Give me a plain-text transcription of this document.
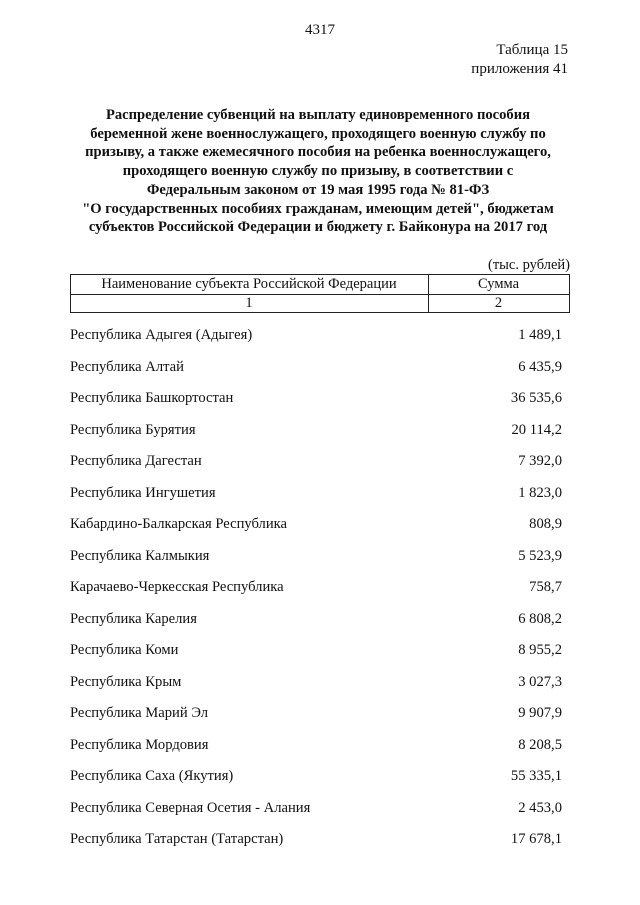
4317
Таблица 15
приложения 41
Распределение субвенций на выплату единовременного пособия
беременной жене военнослужащего, проходящего военную службу по
призыву, а также ежемесячного пособия на ребенка военнослужащего,
проходящего военную службу по призыву, в соответствии с
Федеральным законом от 19 мая 1995 года № 81-ФЗ
"О государственных пособиях гражданам, имеющим детей", бюджетам
субъектов Российской Федерации и бюджету г. Байконура на 2017 год
(тыс. рублей)
Наименование субъекта Российской Федерации	Сумма
1	2
Республика Адыгея (Адыгея)	1 489,1
Республика Алтай	6 435,9
Республика Башкортостан	36 535,6
Республика Бурятия	20 114,2
Республика Дагестан	7 392,0
Республика Ингушетия	1 823,0
Кабардино-Балкарская Республика	808,9
Республика Калмыкия	5 523,9
Карачаево-Черкесская Республика	758,7
Республика Карелия	6 808,2
Республика Коми	8 955,2
Республика Крым	3 027,3
Республика Марий Эл	9 907,9
Республика Мордовия	8 208,5
Республика Саха (Якутия)	55 335,1
Республика Северная Осетия - Алания	2 453,0
Республика Татарстан (Татарстан)	17 678,1
